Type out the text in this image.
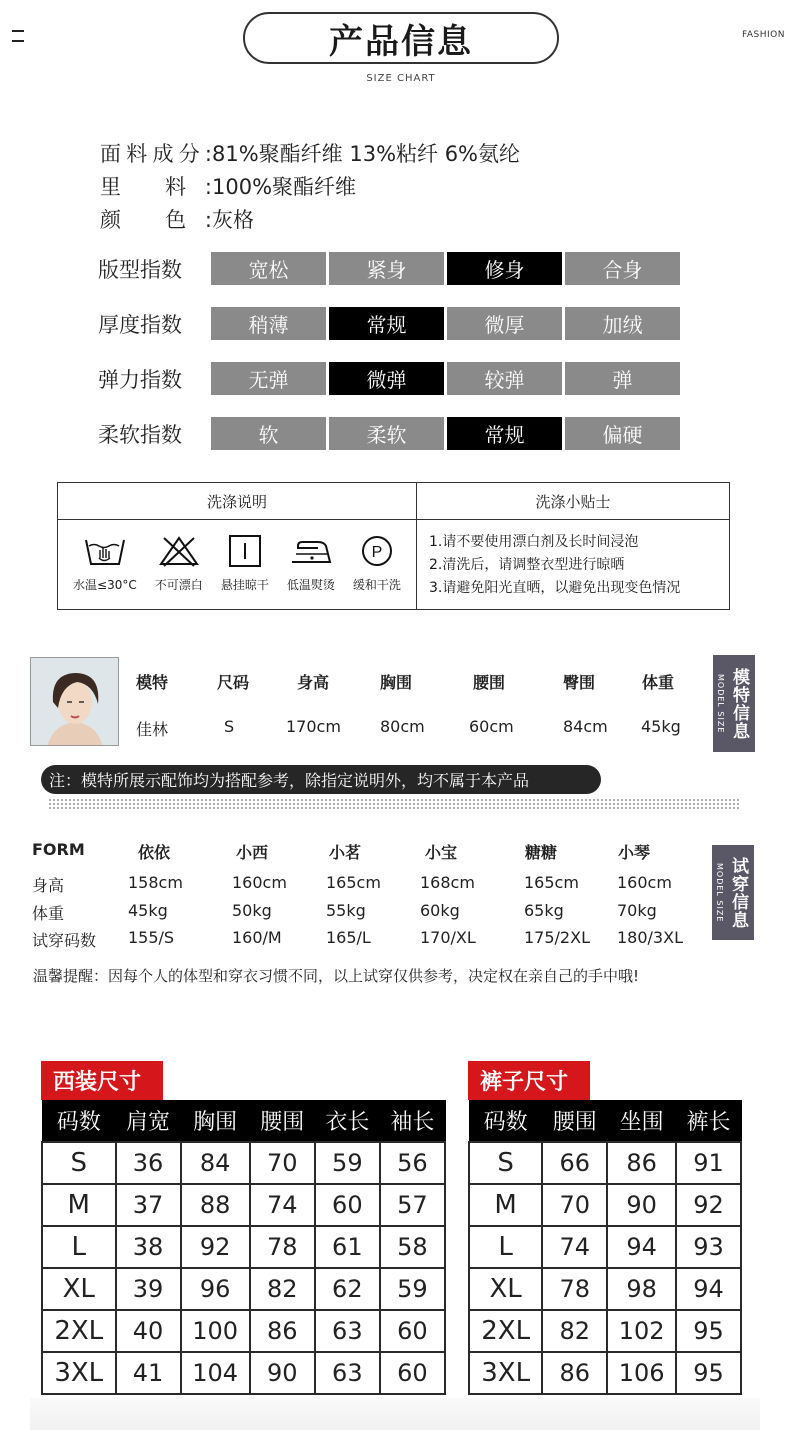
产品信息
SIZE CHART
FASHION
面料成分:81%聚酯纤维 13%粘纤 6%氨纶
里 料:100%聚酯纤维
颜 色:灰格
版型指数	宽松	紧身	修身	合身
厚度指数	稍薄	常规	微厚	加绒
弹力指数	无弹	微弹	较弹	弹
柔软指数	软	柔软	常规	偏硬
洗涤说明	洗涤小贴士
水温≤30°C 不可漂白 悬挂晾干 低温熨烫
P
缓和干洗
1.请不要使用漂白剂及长时间浸泡
2.清洗后，请调整衣型进行晾晒
3.请避免阳光直晒，以避免出现变色情况
模特	尺码	身高	胸围	腰围	臀围	体重
佳林	S	170cm 80cm	60cm	84cm 45kg	MODEL SIZE 模特信息
注：模特所展示配饰均为搭配参考，除指定说明外，均不属于本产品
FORM	依依	小西	小茗	小宝	糖糖	小琴
身高	158cm	160cm 165cm 168cm	165cm 160cm
体重	45kg	50kg	55kg	60kg	65kg	70kg
试穿码数 155/S	160/M	165/L	170/XL	175/2XL 180/3XL
MODEL SIZE 试穿信息
温馨提醒：因每个人的体型和穿衣习惯不同，以上试穿仅供参考，决定权在亲自己的手中哦!
西装尺寸
码数	肩宽	胸围	腰围	衣长	袖长
S	36	84	70	59	56
M	37	88	74	60	57
L	38	92	78	61	58
XL	39	96	82	62	59
2XL	40	100	86	63	60
3XL	41	104	90	63	60
裤子尺寸
码数	腰围	坐围	裤长
S	66	86	91
M	70	90	92
L	74	94	93
XL	78	98	94
2XL	82	102	95
3XL	86	106	95
